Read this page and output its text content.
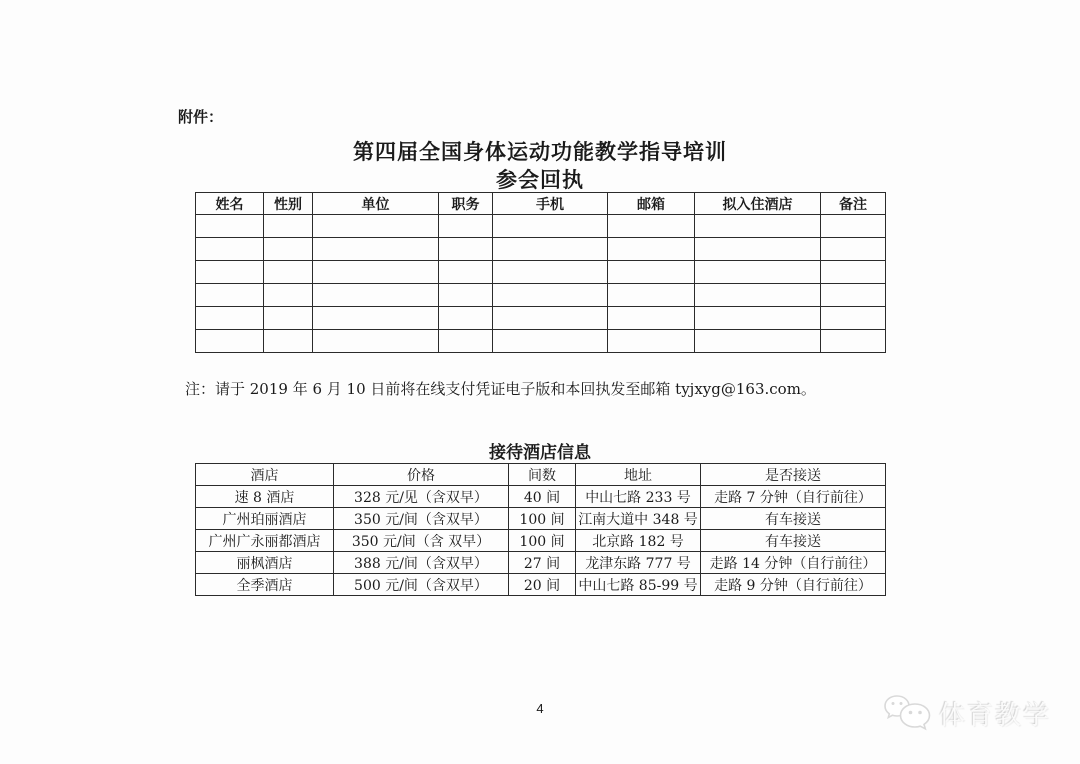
附件：
第四届全国身体运动功能教学指导培训
参会回执
姓名	性别	单位	职务	手机	邮箱	拟入住酒店	备注

注：请于 2019 年 6 月 10 日前将在线支付凭证电子版和本回执发至邮箱 tyjxyg@163.com。
接待酒店信息
酒店	价格	间数	地址	是否接送
速 8 酒店	328 元/见（含双早）	40 间	中山七路 233 号	走路 7 分钟（自行前往）
广州珀丽酒店	350 元/间（含双早）	100 间	江南大道中 348 号	有车接送
广州广永丽都酒店	350 元/间（含 双早）	100 间	北京路 182 号	有车接送
丽枫酒店	388 元/间（含双早）	27 间	龙津东路 777 号	走路 14 分钟（自行前往）
全季酒店	500 元/间（含双早）	20 间	中山七路 85-99 号	走路 9 分钟（自行前往）
4	体育教学
